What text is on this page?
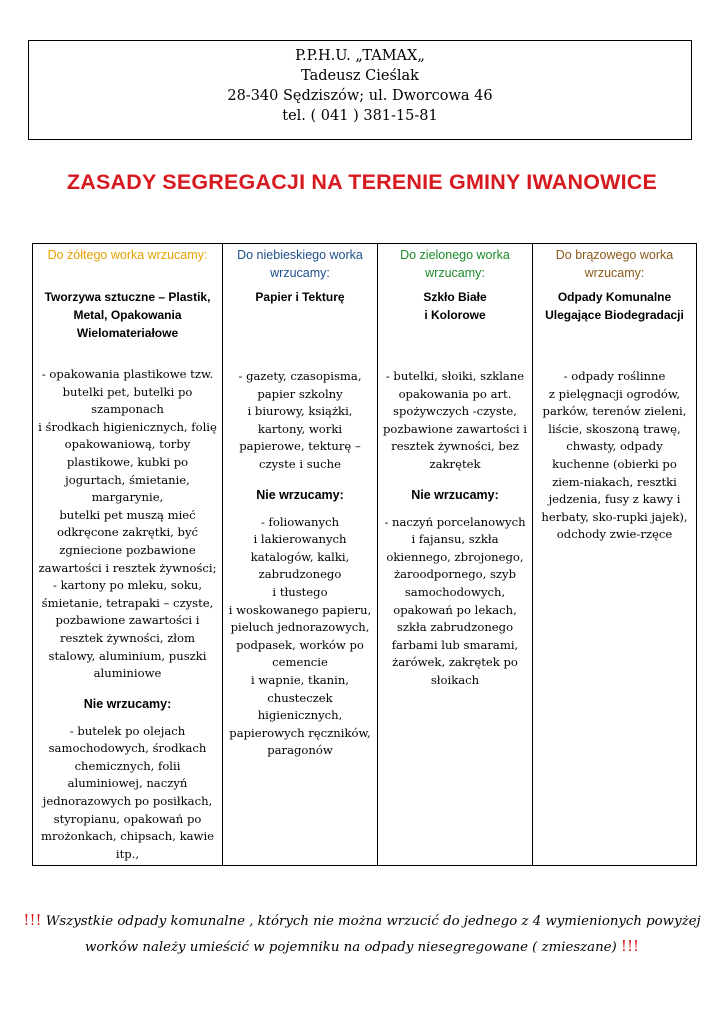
P.P.H.U. „TAMAX„
Tadeusz Cieślak
28-340 Sędziszów; ul. Dworcowa 46
tel. ( 041 ) 381-15-81
ZASADY SEGREGACJI NA TERENIE GMINY IWANOWICE
Do żółtego worka wrzucamy:
Tworzywa sztuczne – Plastik, Metal, Opakowania Wielomateriałowe
- opakowania plastikowe tzw. butelki pet, butelki po szamponach
i środkach higienicznych, folię opakowaniową, torby plastikowe, kubki po jogurtach, śmietanie, margarynie,
butelki pet muszą mieć odkręcone zakrętki, być zgniecione pozbawione zawartości i resztek żywności;
- kartony po mleku, soku, śmietanie, tetrapaki – czyste, pozbawione zawartości i resztek żywności, złom stalowy, aluminium, puszki aluminiowe
Nie wrzucamy:
- butelek po olejach samochodowych, środkach chemicznych, folii aluminiowej, naczyń jednorazowych po posiłkach, styropianu, opakowań po mrożonkach, chipsach, kawie itp.,
Do niebieskiego worka wrzucamy:
Papier i Tekturę
- gazety, czasopisma, papier szkolny
i biurowy, książki, kartony, worki papierowe, tekturę – czyste i suche
Nie wrzucamy:
- foliowanych
i lakierowanych katalogów, kalki, zabrudzonego
i tłustego
i woskowanego papieru, pieluch jednorazowych, podpasek, worków po cemencie
i wapnie, tkanin, chusteczek higienicznych, papierowych ręczników, paragonów
Do zielonego worka wrzucamy:
Szkło Białe
i Kolorowe
- butelki, słoiki, szklane opakowania po art. spożywczych -czyste, pozbawione zawartości i resztek żywności, bez zakrętek
Nie wrzucamy:
- naczyń porcelanowych
i fajansu, szkła okiennego, zbrojonego, żaroodpornego, szyb samochodowych, opakowań po lekach, szkła zabrudzonego farbami lub smarami, żarówek, zakrętek po słoikach
Do brązowego worka wrzucamy:
Odpady Komunalne Ulegające Biodegradacji
- odpady roślinne
z pielęgnacji ogrodów, parków, terenów zieleni, liście, skoszoną trawę, chwasty, odpady kuchenne (obierki po ziem-niakach, resztki jedzenia, fusy z kawy i herbaty, sko-rupki jajek), odchody zwie-rzęce
!!! Wszystkie odpady komunalne , których nie można wrzucić do jednego z 4 wymienionych powyżej worków należy umieścić w pojemniku na odpady niesegregowane ( zmieszane) !!!
